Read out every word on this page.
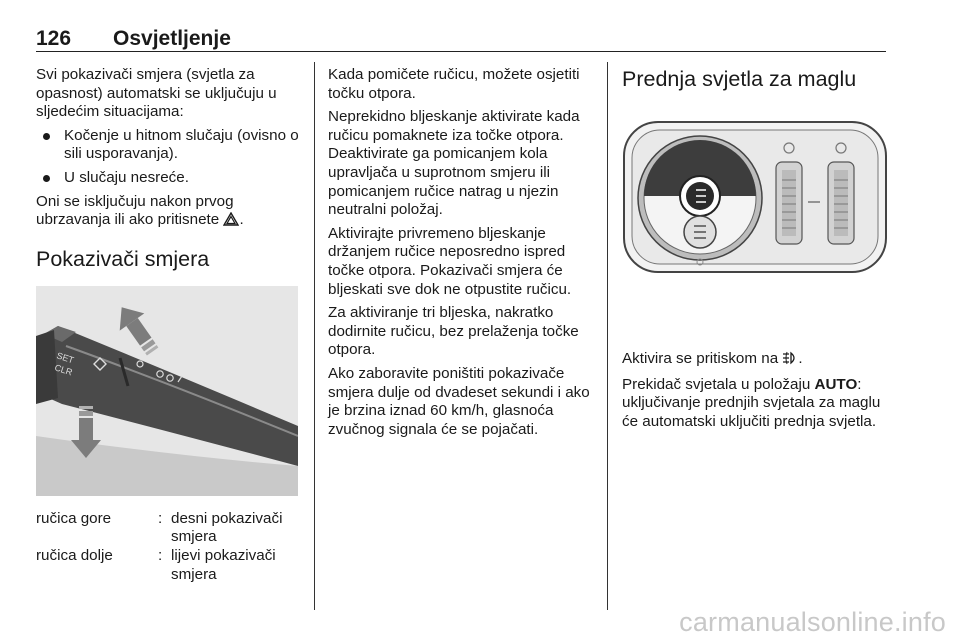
126 Osvjetljenje

Svi pokazivači smjera (svjetla za opasnost) automatski se uključuju u sljedećim situacijama:

Kočenje u hitnom slučaju (ovisno o sili usporavanja).
U slučaju nesreće.

Oni se isključuju nakon prvog ubrzavanja ili ako pritisnete .

Pokazivači smjera
SET
CLR
ručica gore	: desni pokazivači smjera
ručica dolje	: lijevi pokazivači smjera

Kada pomičete ručicu, možete osjetiti točku otpora.

Neprekidno bljeskanje aktivirate kada ručicu pomaknete iza točke otpora. Deaktivirate ga pomicanjem kola upravljača u suprotnom smjeru ili pomicanjem ručice natrag u njezin neutralni položaj.

Aktivirajte privremeno bljeskanje držanjem ručice neposredno ispred točke otpora. Pokazivači smjera će bljeskati sve dok ne otpustite ručicu.

Za aktiviranje tri bljeska, nakratko dodirnite ručicu, bez prelaženja točke otpora.

Ako zaboravite poništiti pokazivače smjera dulje od dvadeset sekundi i ako je brzina iznad 60 km/h, glasnoća zvučnog signala će se pojačati.

Prednja svjetla za maglu

Aktivira se pritiskom na .

Prekidač svjetala u položaju AUTO: uključivanje prednjih svjetala za maglu će automatski uključiti prednja svjetla.

carmanualsonline.info
